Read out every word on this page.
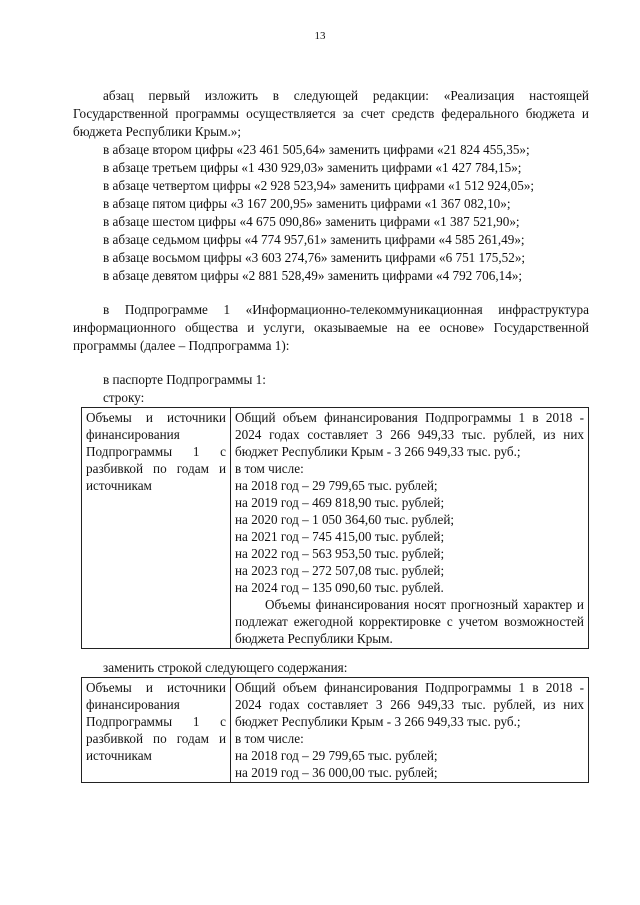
13

абзац первый изложить в следующей редакции: «Реализация настоящей Государственной программы осуществляется за счет средств федерального бюджета и бюджета Республики Крым.»;

в абзаце втором цифры «23 461 505,64» заменить цифрами «21 824 455,35»;

в абзаце третьем цифры «1 430 929,03» заменить цифрами «1 427 784,15»;

в абзаце четвертом цифры «2 928 523,94» заменить цифрами «1 512 924,05»;

в абзаце пятом цифры «3 167 200,95» заменить цифрами «1 367 082,10»;

в абзаце шестом цифры «4 675 090,86» заменить цифрами «1 387 521,90»;

в абзаце седьмом цифры «4 774 957,61» заменить цифрами «4 585 261,49»;

в абзаце восьмом цифры «3 603 274,76» заменить цифрами «6 751 175,52»;

в абзаце девятом цифры «2 881 528,49» заменить цифрами «4 792 706,14»;

в Подпрограмме 1 «Информационно-телекоммуникационная инфраструктура информационного общества и услуги, оказываемые на ее основе» Государственной программы (далее – Подпрограмма 1):

в паспорте Подпрограммы 1:

строку:

Объемы и источники финансирования Подпрограммы 1 с разбивкой по годам и источникам

Общий объем финансирования Подпрограммы 1 в 2018 - 2024 годах составляет 3 266 949,33 тыс. рублей, из них бюджет Республики Крым - 3 266 949,33 тыс. руб.;
в том числе:
на 2018 год – 29 799,65 тыс. рублей;
на 2019 год – 469 818,90 тыс. рублей;
на 2020 год – 1 050 364,60 тыс. рублей;
на 2021 год – 745 415,00 тыс. рублей;
на 2022 год – 563 953,50 тыс. рублей;
на 2023 год – 272 507,08 тыс. рублей;
на 2024 год – 135 090,60 тыс. рублей.
Объемы финансирования носят прогнозный характер и подлежат ежегодной корректировке с учетом возможностей бюджета Республики Крым.

заменить строкой следующего содержания:

Объемы и источники финансирования Подпрограммы 1 с разбивкой по годам и источникам

Общий объем финансирования Подпрограммы 1 в 2018 - 2024 годах составляет 3 266 949,33 тыс. рублей, из них бюджет Республики Крым - 3 266 949,33 тыс. руб.;
в том числе:
на 2018 год – 29 799,65 тыс. рублей;
на 2019 год – 36 000,00 тыс. рублей;
